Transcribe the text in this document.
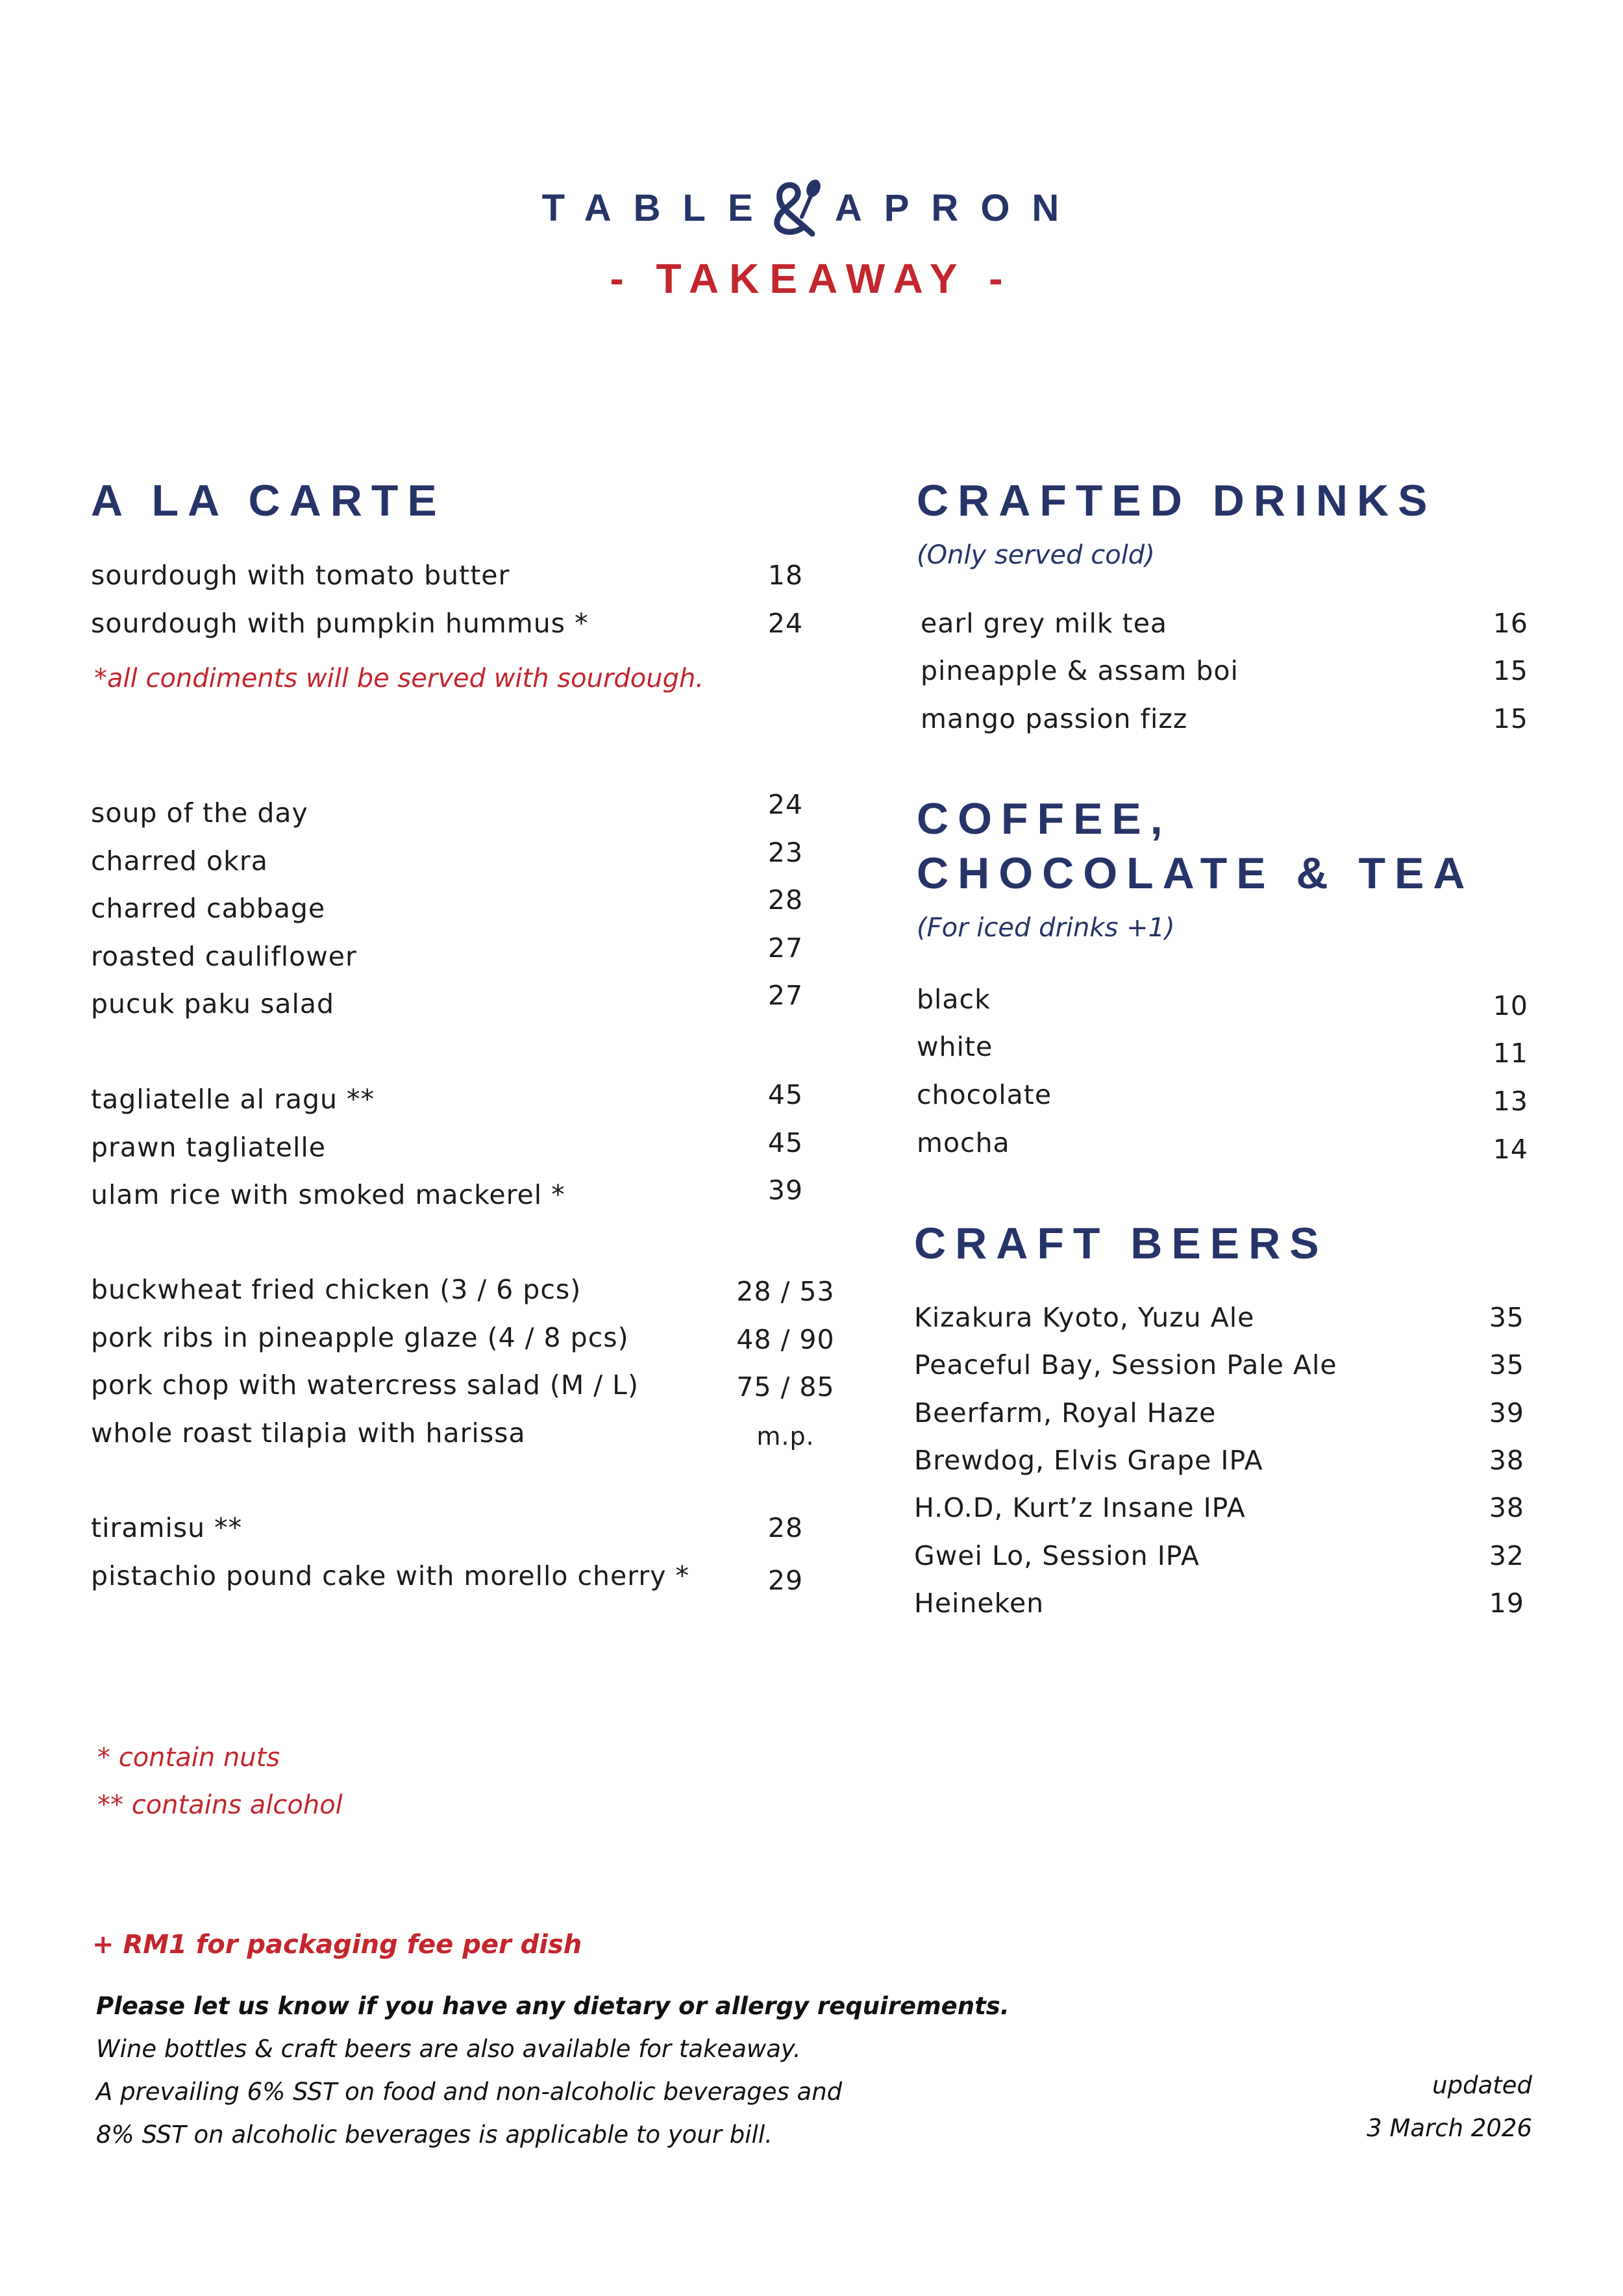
TABLE APRON
- TAKEAWAY -
A LA CARTE
sourdough with tomato butter	18
sourdough with pumpkin hummus *	24
*all condiments will be served with sourdough.
soup of the day	24
charred okra	23
charred cabbage	28
roasted cauliflower	27
pucuk paku salad	27
tagliatelle al ragu **	45
prawn tagliatelle	45
ulam rice with smoked mackerel *	39
buckwheat fried chicken (3 / 6 pcs)	28 / 53
pork ribs in pineapple glaze (4 / 8 pcs)	48 / 90
pork chop with watercress salad (M / L)	75 / 85
whole roast tilapia with harissa	m.p.
tiramisu **	28
pistachio pound cake with morello cherry *	29
CRAFTED DRINKS
(Only served cold)
earl grey milk tea	16
pineapple & assam boi	15
mango passion fizz	15
COFFEE,
CHOCOLATE & TEA
(For iced drinks +1)
black	10
white	11
chocolate	13
mocha	14
CRAFT BEERS
Kizakura Kyoto, Yuzu Ale	35
Peaceful Bay, Session Pale Ale	35
Beerfarm, Royal Haze	39
Brewdog, Elvis Grape IPA	38
H.O.D, Kurt’z Insane IPA	38
Gwei Lo, Session IPA	32
Heineken	19
* contain nuts
** contains alcohol
+ RM1 for packaging fee per dish
Please let us know if you have any dietary or allergy requirements.
Wine bottles & craft beers are also available for takeaway.
A prevailing 6% SST on food and non-alcoholic beverages and
8% SST on alcoholic beverages is applicable to your bill.
updated
3 March 2026
